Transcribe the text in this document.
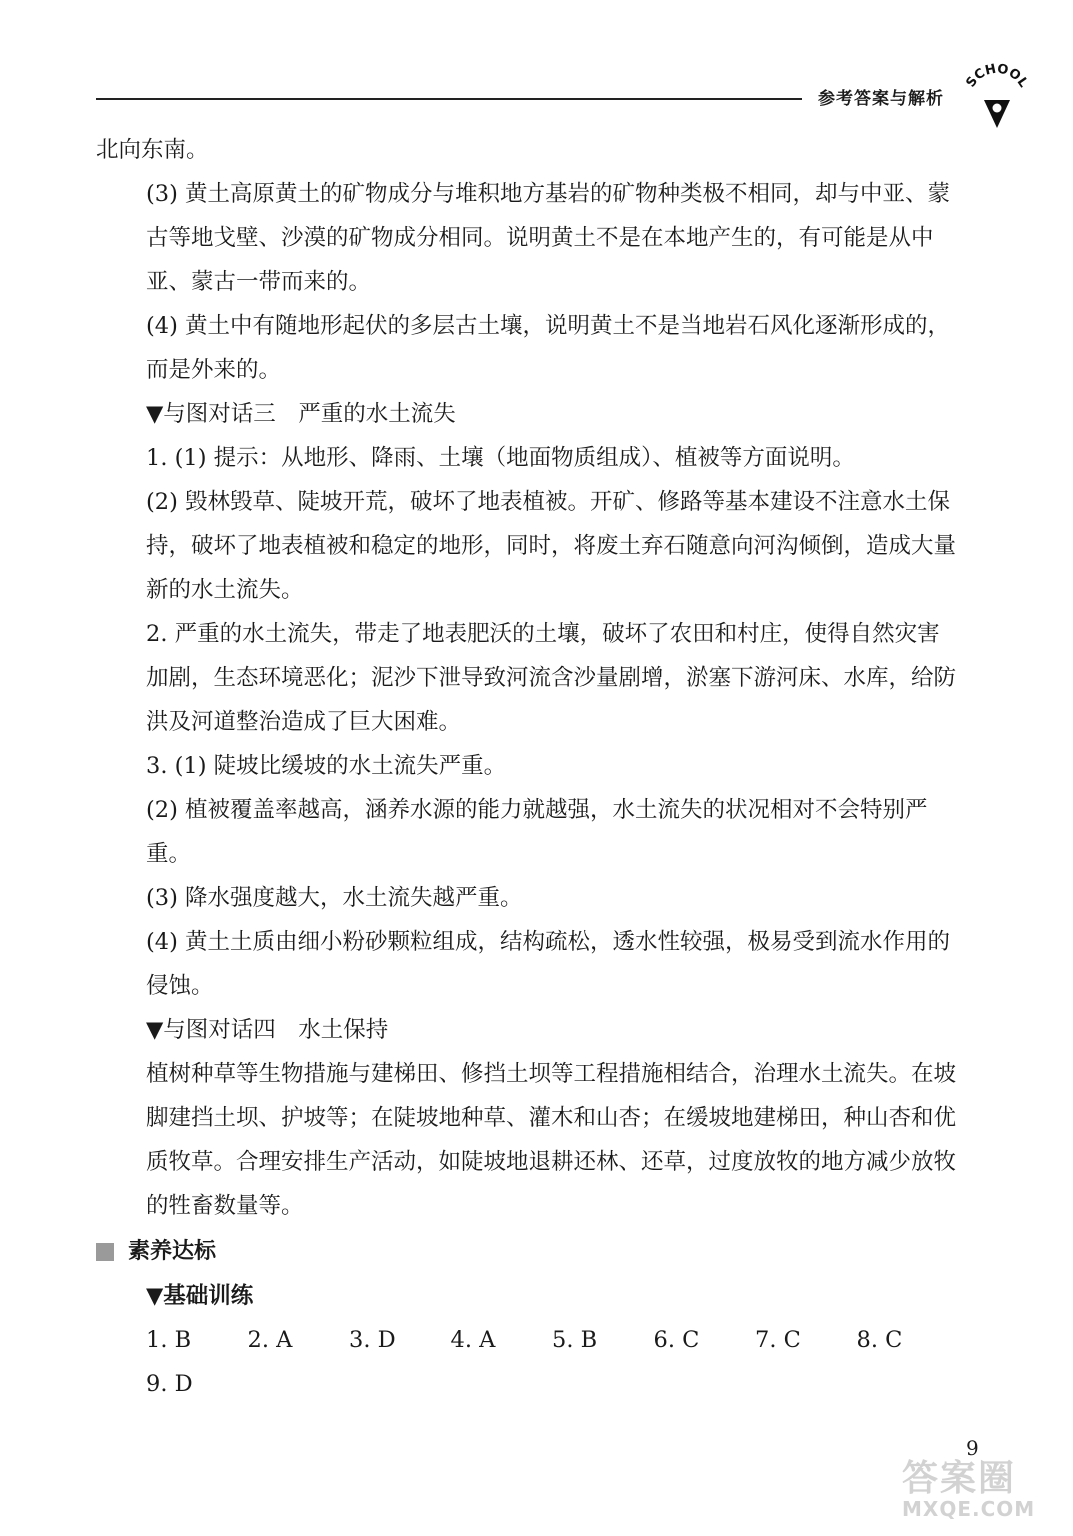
参考答案与解析
SCHOOL

北向东南。

(3) 黄土高原黄土的矿物成分与堆积地方基岩的矿物种类极不相同，却与中亚、蒙古等地戈壁、沙漠的矿物成分相同。说明黄土不是在本地产生的，有可能是从中亚、蒙古一带而来的。

(4) 黄土中有随地形起伏的多层古土壤，说明黄土不是当地岩石风化逐渐形成的，而是外来的。

▼与图对话三　严重的水土流失

1. (1) 提示：从地形、降雨、土壤（地面物质组成）、植被等方面说明。

(2) 毁林毁草、陡坡开荒，破坏了地表植被。开矿、修路等基本建设不注意水土保持，破坏了地表植被和稳定的地形，同时，将废土弃石随意向河沟倾倒，造成大量新的水土流失。

2. 严重的水土流失，带走了地表肥沃的土壤，破坏了农田和村庄，使得自然灾害加剧，生态环境恶化；泥沙下泄导致河流含沙量剧增，淤塞下游河床、水库，给防洪及河道整治造成了巨大困难。

3. (1) 陡坡比缓坡的水土流失严重。

(2) 植被覆盖率越高，涵养水源的能力就越强，水土流失的状况相对不会特别严重。

(3) 降水强度越大，水土流失越严重。

(4) 黄土土质由细小粉砂颗粒组成，结构疏松，透水性较强，极易受到流水作用的侵蚀。

▼与图对话四　水土保持

植树种草等生物措施与建梯田、修挡土坝等工程措施相结合，治理水土流失。在坡脚建挡土坝、护坡等；在陡坡地种草、灌木和山杏；在缓坡地建梯田，种山杏和优质牧草。合理安排生产活动，如陡坡地退耕还林、还草，过度放牧的地方减少放牧的牲畜数量等。

素养达标

▼基础训练

1. B	2. A	3. D	4. A	5. B	6. C	7. C	8. C
9. D
9
答案圈
MXQE.COM
